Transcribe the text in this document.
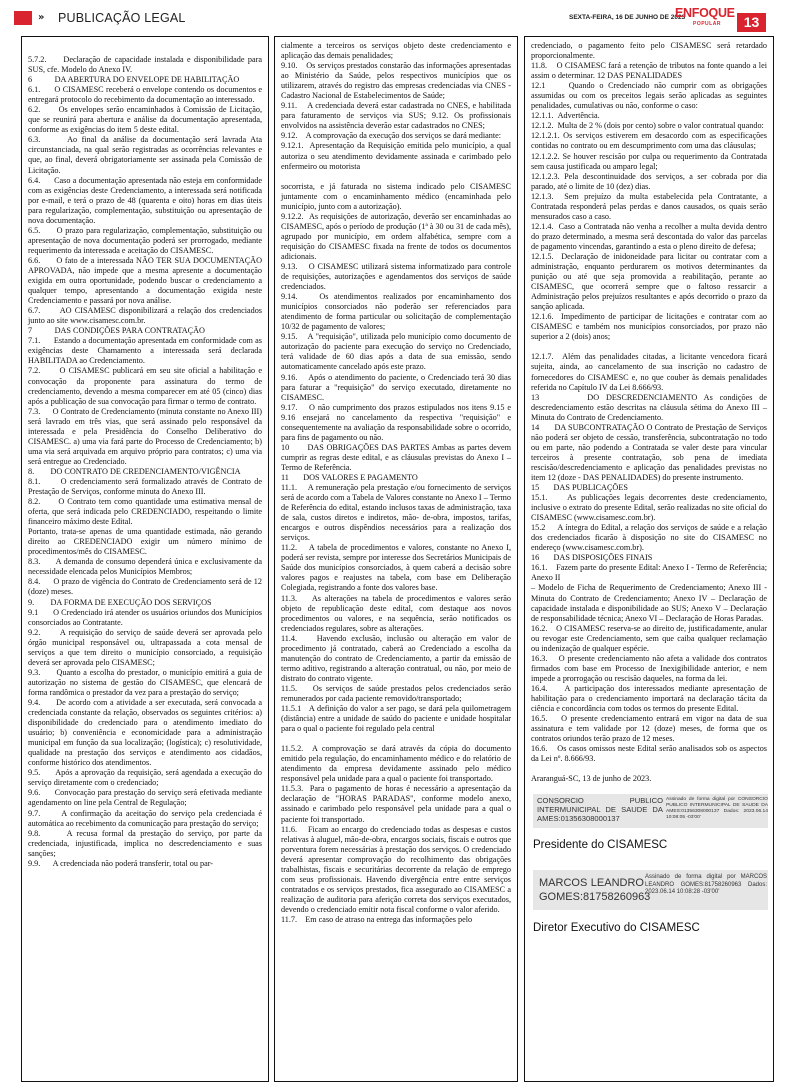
» PUBLICAÇÃO LEGAL	SEXTA-FEIRA, 16 DE JUNHO DE 2023
ENFOQUE
POPULAR	13

5.7.2.     Declaração de capacidade instalada e disponibilidade para SUS, cfe. Modelo do Anexo IV.

6           DA ABERTURA DO ENVELOPE DE HABILITAÇÃO

6.1.      O CISAMESC receberá o envelope contendo os documentos e entregará protocolo do recebimento da documentação ao interessado.

6.2.      Os envelopes serão encaminhados à Comissão de Licitação, que se reunirá para abertura e análise da documentação apresentada, conforme as exigências do item 5 deste edital.

6.3.      Ao final da análise da documentação será lavrada Ata circunstanciada, na qual serão registradas as ocorrências relevantes e que, ao final, deverá obrigatoriamente ser assinada pela Comissão de Licitação.

6.4.      Caso a documentação apresentada não esteja em conformidade com as exigências deste Credenciamento, a interessada será notificada por e-mail, e terá o prazo de 48 (quarenta e oito) horas em dias úteis para regularização, complementação, substituição ou apresentação de nova documentação.

6.5.      O prazo para regularização, complementação, substituição ou apresentação de nova documentação poderá ser prorrogado, mediante requerimento da interessada e aceitação do CISAMESC.

6.6.      O fato de a interessada NÃO TER SUA DOCUMENTAÇÃO APROVADA, não impede que a mesma apresente a documentação exigida em outra oportunidade, podendo buscar o credenciamento a qualquer tempo, apresentando a documentação exigida neste Credenciamento e passará por nova análise.

6.7.      AO CISAMESC disponibilizará a relação dos credenciados junto ao site www.cisamesc.com.br.

7           DAS CONDIÇÕES PARA CONTRATAÇÃO

7.1.      Estando a documentação apresentada em conformidade com as exigências deste Chamamento a interessada será declarada HABILITADA ao Credenciamento.

7.2.      O CISAMESC publicará em seu site oficial a habilitação e convocação da proponente para assinatura do termo de credenciamento, devendo a mesma comparecer em até 05 (cinco) dias após a publicação de sua convocação para firmar o termo de contrato.

7.3.      O Contrato de Credenciamento (minuta constante no Anexo III) será lavrado em três vias, que será assinado pelo responsável da interessada e pela Presidência do Conselho Deliberativo do CISAMESC. a) uma via fará parte do Processo de Credenciamento; b) uma via será arquivada em arquivo próprio para contratos; c) uma via será entregue ao Credenciado.

8.        DO CONTRATO DE CREDENCIAMENTO/VIGÊNCIA

8.1.      O credenciamento será formalizado através de Contrato de Prestação de Serviços, conforme minuta do Anexo III.

8.2.      O Contrato tem como quantidade uma estimativa mensal de oferta, que será indicada pelo CREDENCIADO, respeitando o limite financeiro máximo deste Edital.

Portanto, trata-se apenas de uma quantidade estimada, não gerando direito ao CREDENCIADO exigir um número mínimo de procedimentos/mês do CISAMESC.

8.3.      A demanda de consumo dependerá única e exclusivamente da necessidade elencada pelos Municípios Membros;

8.4.      O prazo de vigência do Contrato de Credenciamento será de 12 (doze) meses.

9.        DA FORMA DE EXECUÇÃO DOS SERVIÇOS

9.1       O Credenciado irá atender os usuários oriundos dos Municípios consorciados ao Contratante.

9.2.      A requisição do serviço de saúde deverá ser aprovada pelo órgão municipal responsável ou, ultrapassada a cota mensal de serviços a que tem direito o município consorciado, a requisição deverá ser aprovada pelo CISAMESC;

9.3.      Quanto a escolha do prestador, o município emitirá a guia de autorização no sistema de gestão do CISAMESC, que elencará de forma randômica o prestador da vez para a prestação do serviço;

9.4.      De acordo com a atividade a ser executada, será convocada a credenciada constante da relação, observados os seguintes critérios: a) disponibilidade do credenciado para o atendimento imediato do usuário; b) conveniência e economicidade para a administração municipal em função da sua localização; (logística); c) resolutividade, qualidade na prestação dos serviços e atendimento aos cidadãos, conforme histórico dos atendimentos.

9.5.      Após a aprovação da requisição, será agendada a execução do serviço diretamente com o credenciado;

9.6.      Convocação para prestação do serviço será efetivada mediante agendamento on line pela Central de Regulação;

9.7.      A confirmação da aceitação do serviço pela credenciada é automática ao recebimento da comunicação para prestação do serviço;

9.8.      A recusa formal da prestação do serviço, por parte da credenciada, injustificada, implica no descredenciamento e suas sanções;

9.9.      A credenciada não poderá transferir, total ou par-

cialmente a terceiros os serviços objeto deste credenciamento e aplicação das demais penalidades;

9.10.    Os serviços prestados constarão das informações apresentadas ao Ministério da Saúde, pelos respectivos municípios que os utilizarem, através do registro das empresas credenciadas via CNES - Cadastro Nacional de Estabelecimentos de Saúde;

9.11.    A credenciada deverá estar cadastrada no CNES, e habilitada para faturamento de serviços via SUS; 9.12. Os profissionais envolvidos na assistência deverão estar cadastrados no CNES;

9.12.    A comprovação da execução dos serviços se dará mediante:

9.12.1.  Apresentação da Requisição emitida pelo município, a qual autoriza o seu atendimento devidamente assinada e carimbado pelo enfermeiro ou motorista

socorrista, e já faturada no sistema indicado pelo CISAMESC juntamente com o encaminhamento médico (encaminhada pelo município, junto com a autorização).

9.12.2.  As requisições de autorização, deverão ser encaminhadas ao CISAMESC, após o período de produção (1ª à 30 ou 31 de cada mês), agrupado por município, em ordem alfabética, sempre com a requisição do CISAMESC fixada na frente de todos os documentos adicionais.

9.13.    O CISAMESC utilizará sistema informatizado para controle de requisições, autorizações e agendamentos dos serviços de saúde credenciados.

9.14.    Os atendimentos realizados por encaminhamento dos municípios consorciados não poderão ser referenciados para atendimento de forma particular ou solicitação de complementação 10/32 de pagamento de valores;

9.15.    A "requisição", utilizada pelo município como documento de autorização do paciente para execução do serviço no Credenciado, terá validade de 60 dias após a data de sua emissão, sendo automaticamente cancelado após este prazo.

9.16.    Após o atendimento do paciente, o Credenciado terá 30 dias para faturar a "requisição" do serviço executado, diretamente no CISAMESC.

9.17.    O não cumprimento dos prazos estipulados nos itens 9.15 e 9.16 ensejará no cancelamento da respectiva "requisição" e consequentemente na avaliação da responsabilidade sobre o ocorrido, para fins de pagamento ou não.

10       DAS OBRIGAÇÕES DAS PARTES Ambas as partes devem cumprir as regras deste edital, e as cláusulas previstas do Anexo I – Termo de Referência.

11       DOS VALORES E PAGAMENTO

11.1.    A remuneração pela prestação e/ou fornecimento de serviços será de acordo com a Tabela de Valores constante no Anexo I – Termo de Referência do edital, estando inclusos taxas de administração, taxa de sala, custos diretos e indiretos, mão- de-obra, impostos, tarifas, encargos e outros dispêndios necessários para a realização dos serviços.

11.2.    A tabela de procedimentos e valores, constante no Anexo I, poderá ser revista, sempre por interesse dos Secretários Municipais de Saúde dos municípios consorciados, à quem caberá a decisão sobre valores pagos e reajustes na tabela, com base em Deliberação Colegiada, registrando a fonte dos valores base.

11.3.    As alterações na tabela de procedimentos e valores serão objeto de republicação deste edital, com destaque aos novos procedimentos ou valores, e na sequência, serão notificados os credenciados regulares, sobre as alterações.

11.4.    Havendo exclusão, inclusão ou alteração em valor de procedimento já contratado, caberá ao Credenciado a escolha da manutenção do contrato de Credenciamento, a partir da emissão de termo aditivo, registrando a alteração contratual, ou não, por meio de distrato do contrato vigente.

11.5.    Os serviços de saúde prestados pelos credenciados serão remunerados por cada paciente removido/transportado;

11.5.1   A definição do valor a ser pago, se dará pela quilometragem (distância) entre a unidade de saúdo do paciente e unidade hospitalar para o qual o paciente foi regulado pela central

11.5.2.  A comprovação se dará através da cópia do documento emitido pela regulação, do encaminhamento médico e do relatório de atendimento da empresa devidamente assinado pelo médico responsável pela unidade para a qual o paciente foi transportado.

11.5.3.  Para o pagamento de horas é necessário a apresentação da declaração de "HORAS PARADAS", conforme modelo anexo, assinado e carimbado pelo responsável pela unidade para a qual o paciente foi transportado.

11.6.    Ficam ao encargo do credenciado todas as despesas e custos relativas à aluguel, mão-de-obra, encargos sociais, fiscais e outros que porventura forem necessárias à prestação dos serviços. O credenciado deverá apresentar comprovação do recolhimento das obrigações trabalhistas, fiscais e securitárias decorrente da relação de emprego com seus profissionais. Havendo divergência entre entre serviços contratados e os serviços prestados, fica assegurado ao CISAMESC a realização de auditoria para aferição correta dos serviços executados, devendo o credenciado emitir nota fiscal conforme o valor aferido.

11.7.    Em caso de atraso na entrega das informações pelo

credenciado, o pagamento feito pelo CISAMESC será retardado proporcionalmente.

11.8.    O CISAMESC fará a retenção de tributos na fonte quando a lei assim o determinar. 12 DAS PENALIDADES

12.1     Quando o Credenciado não cumprir com as obrigações assumidas ou com os preceitos legais serão aplicadas as seguintes penalidades, cumulativas ou não, conforme o caso:

12.1.1.  Advertência.

12.1.2.  Multa de 2 % (dois por cento) sobre o valor contratual quando:

12.1.2.1. Os serviços estiverem em desacordo com as especificações contidas no contrato ou em descumprimento com uma das cláusulas;

12.1.2.2. Se houver rescisão por culpa ou requerimento da Contratada sem causa justificada ou amparo legal;

12.1.2.3. Pela descontinuidade dos serviços, a ser cobrada por dia parado, até o limite de 10 (dez) dias.

12.1.3.  Sem prejuízo da multa estabelecida pela Contratante, a Contratada responderá pelas perdas e danos causados, os quais serão mensurados caso a caso.

12.1.4.  Caso a Contratada não venha a recolher a multa devida dentro do prazo determinado, a mesma será descontada do valor das parcelas de pagamento vincendas, garantindo a esta o pleno direito de defesa;

12.1.5.  Declaração de inidoneidade para licitar ou contratar com a administração, enquanto perdurarem os motivos determinantes da punição ou até que seja promovida a reabilitação, perante ao CISAMESC, que ocorrerá sempre que o faltoso ressarcir a Administração pelos prejuízos resultantes e após decorrido o prazo da sanção aplicada.

12.1.6.  Impedimento de participar de licitações e contratar com ao CISAMESC e também nos municípios consorciados, por prazo não superior a 2 (dois) anos;

12.1.7.  Além das penalidades citadas, a licitante vencedora ficará sujeita, ainda, ao cancelamento de sua inscrição no cadastro de fornecedores do CISAMESC e, no que couber às demais penalidades referida no Capítulo IV da Lei 8.666/93.

13       DO DESCREDENCIAMENTO As condições de descredenciamento estão descritas na cláusula sétima do Anexo III – Minuta do Contrato de Credenciamento.

14       DA SUBCONTRATAÇÃO O Contrato de Prestação de Serviços não poderá ser objeto de cessão, transferência, subcontratação no todo ou em parte, não podendo a Contratada se valer deste para vincular terceiros à presente contratação, sob pena de imediata rescisão/descredenciamento e aplicação das penalidades previstas no item 12 (doze - DAS PENALIDADES) do presente instrumento.

15       DAS PUBLICAÇÕES

15.1.    As publicações legais decorrentes deste credenciamento, inclusive o extrato do presente Edital, serão realizadas no site oficial do CISAMESC (www.cisamesc.com.br).

15.2     A íntegra do Edital, a relação dos serviços de saúde e a relação dos credenciados ficarão à disposição no site do CISAMESC no endereço (www.cisamesc.com.br).

16       DAS DISPOSIÇÕES FINAIS

16.1.    Fazem parte do presente Edital: Anexo I - Termo de Referência; Anexo II

– Modelo de Ficha de Requerimento de Credenciamento; Anexo III - Minuta do Contrato de Credenciamento; Anexo IV – Declaração de capacidade instalada e disponibilidade ao SUS; Anexo V – Declaração de responsabilidade técnica; Anexo VI – Declaração de Horas Paradas.

16.2.    O CISAMESC reserva-se ao direito de, justificadamente, anular ou revogar este Credenciamento, sem que caiba qualquer reclamação ou indenização de qualquer espécie.

16.3.    O presente credenciamento não afeta a validade dos contratos firmados com base em Processo de Inexigibilidade anterior, e nem impede a prorrogação ou rescisão daqueles, na forma da lei.

16.4.    A participação dos interessados mediante apresentação de habilitação para o credenciamento importará na declaração tácita da ciência e concordância com todos os termos do presente Edital.

16.5.    O presente credenciamento entrará em vigor na data de sua assinatura e tem validade por 12 (doze) meses, de forma que os contratos oriundos terão prazo de 12 meses.

16.6.    Os casos omissos neste Edital serão analisados sob os aspectos da Lei nº. 8.666/93.

Araranguá-SC, 13 de junho de 2023.

CONSORCIO PUBLICO INTERMUNICIPAL DE SAUDE DA AMES:01356308000137
Assinado de forma digital por CONSORCIO PUBLICO INTERMUNICIPAL DE SAUDE DA AMES:01356308000137 Dados: 2023.06.14 10:08:05 -03'00'
Presidente do CISAMESC
MARCOS LEANDRO GOMES:81758260963
Assinado de forma digital por MARCOS LEANDRO GOMES:81758260963 Dados: 2023.06.14 10:08:28 -03'00'
Diretor Executivo do CISAMESC
